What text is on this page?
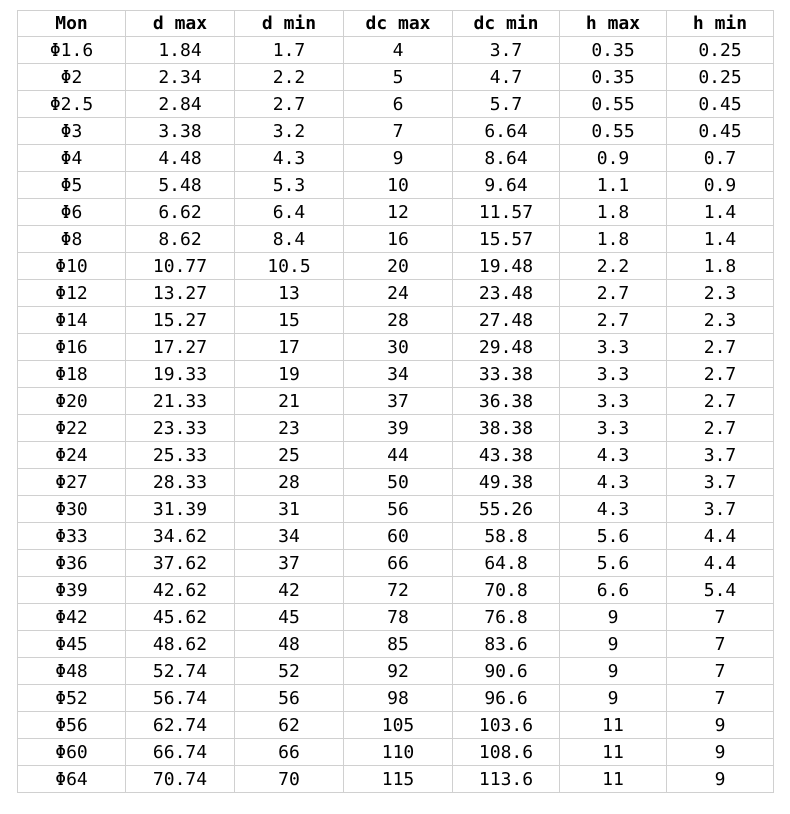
Mon	d max	d min	dc max	dc min	h max	h min
Φ1.6	1.84	1.7	4	3.7	0.35	0.25
Φ2	2.34	2.2	5	4.7	0.35	0.25
Φ2.5	2.84	2.7	6	5.7	0.55	0.45
Φ3	3.38	3.2	7	6.64	0.55	0.45
Φ4	4.48	4.3	9	8.64	0.9	0.7
Φ5	5.48	5.3	10	9.64	1.1	0.9
Φ6	6.62	6.4	12	11.57	1.8	1.4
Φ8	8.62	8.4	16	15.57	1.8	1.4
Φ10	10.77	10.5	20	19.48	2.2	1.8
Φ12	13.27	13	24	23.48	2.7	2.3
Φ14	15.27	15	28	27.48	2.7	2.3
Φ16	17.27	17	30	29.48	3.3	2.7
Φ18	19.33	19	34	33.38	3.3	2.7
Φ20	21.33	21	37	36.38	3.3	2.7
Φ22	23.33	23	39	38.38	3.3	2.7
Φ24	25.33	25	44	43.38	4.3	3.7
Φ27	28.33	28	50	49.38	4.3	3.7
Φ30	31.39	31	56	55.26	4.3	3.7
Φ33	34.62	34	60	58.8	5.6	4.4
Φ36	37.62	37	66	64.8	5.6	4.4
Φ39	42.62	42	72	70.8	6.6	5.4
Φ42	45.62	45	78	76.8	9	7
Φ45	48.62	48	85	83.6	9	7
Φ48	52.74	52	92	90.6	9	7
Φ52	56.74	56	98	96.6	9	7
Φ56	62.74	62	105	103.6	11	9
Φ60	66.74	66	110	108.6	11	9
Φ64	70.74	70	115	113.6	11	9
